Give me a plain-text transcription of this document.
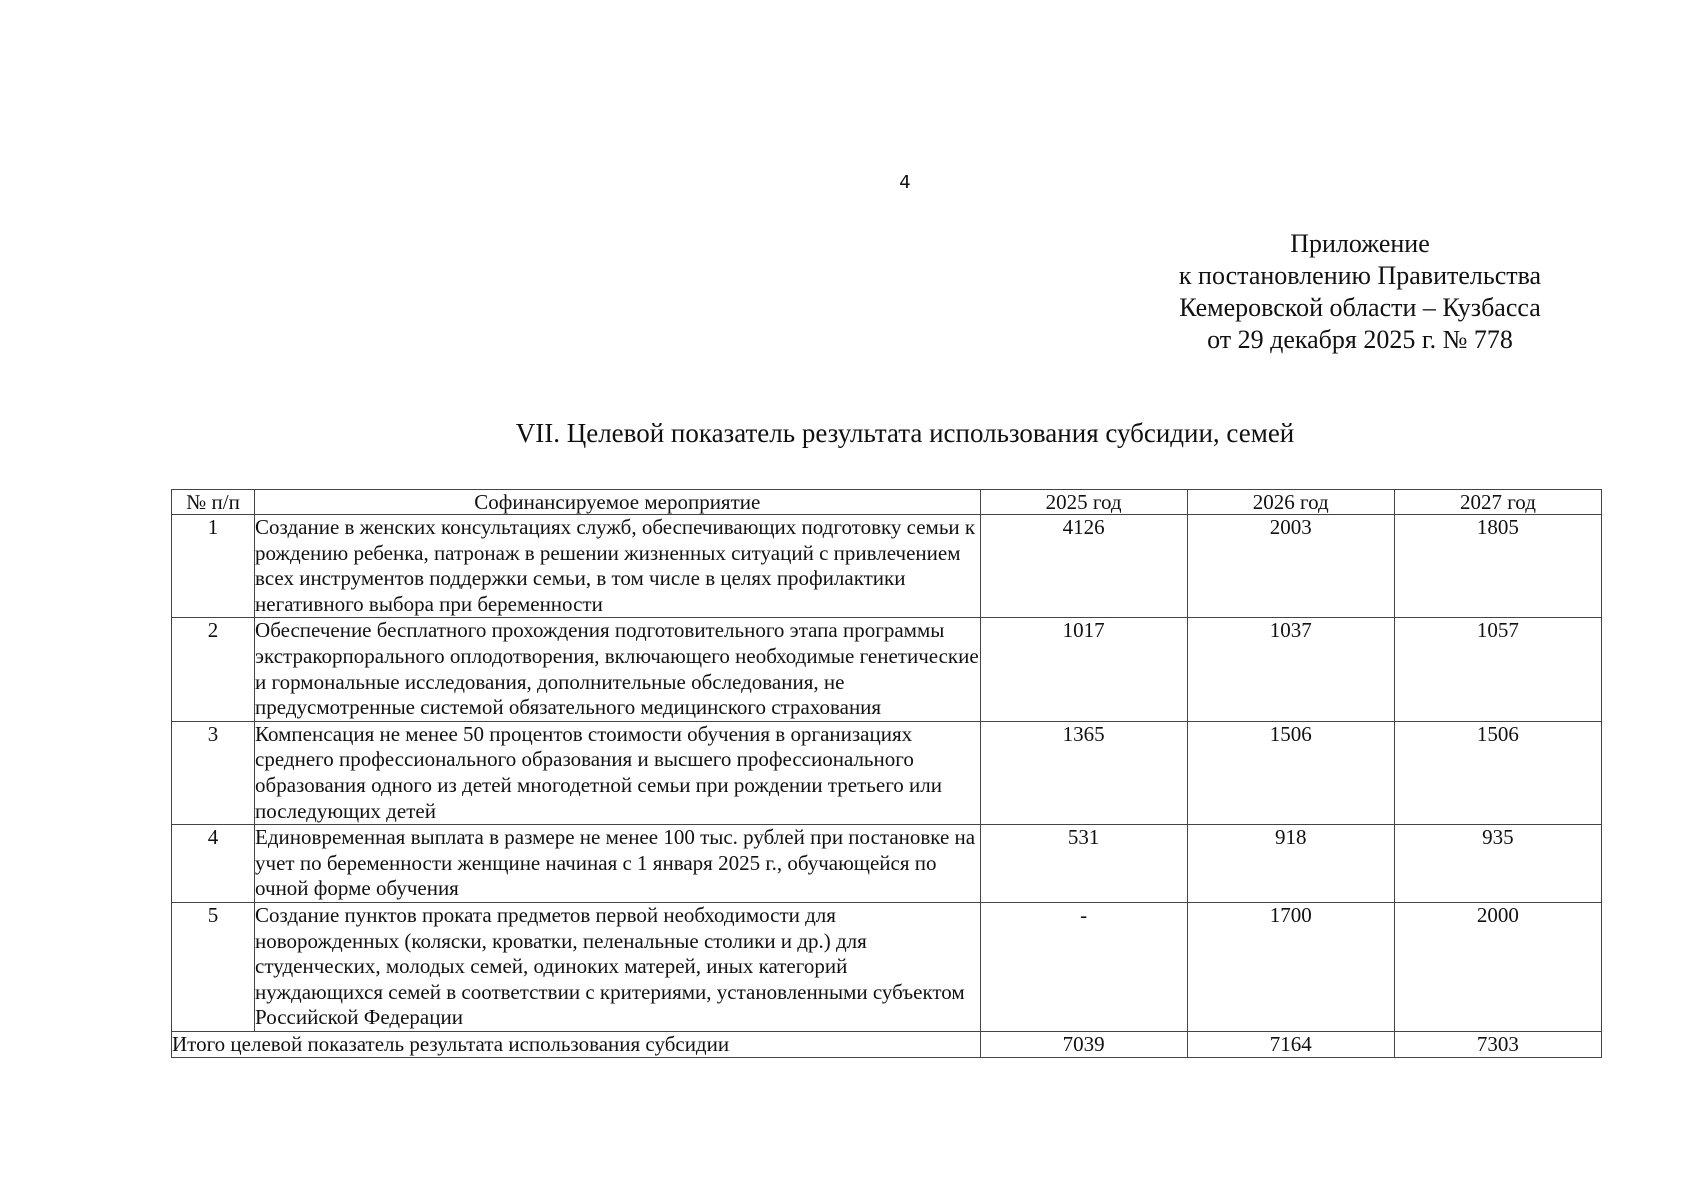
4
Приложение
к постановлению Правительства
Кемеровской области – Кузбасса
от 29 декабря 2025 г. № 778
VII. Целевой показатель результата использования субсидии, семей
№ п/п	Софинансируемое мероприятие	2025 год	2026 год	2027 год
1	Создание в женских консультациях служб, обеспечивающих подготовку семьи к рождению ребенка, патронаж в решении жизненных ситуаций с привлечением всех инструментов поддержки семьи, в том числе в целях профилактики негативного выбора при беременности	4126	2003	1805
2	Обеспечение бесплатного прохождения подготовительного этапа программы экстракорпорального оплодотворения, включающего необходимые генетические и гормональные исследования, дополнительные обследования, не предусмотренные системой обязательного медицинского страхования	1017	1037	1057
3	Компенсация не менее 50 процентов стоимости обучения в организациях среднего профессионального образования и высшего профессионального образования одного из детей многодетной семьи при рождении третьего или последующих детей	1365	1506	1506
4	Единовременная выплата в размере не менее 100 тыс. рублей при постановке на учет по беременности женщине начиная с 1 января 2025 г., обучающейся по очной форме обучения	531	918	935
5	Создание пунктов проката предметов первой необходимости для новорожденных (коляски, кроватки, пеленальные столики и др.) для студенческих, молодых семей, одиноких матерей, иных категорий нуждающихся семей в соответствии с критериями, установленными субъектом Российской Федерации	-	1700	2000
Итого целевой показатель результата использования субсидии		7039	7164	7303
